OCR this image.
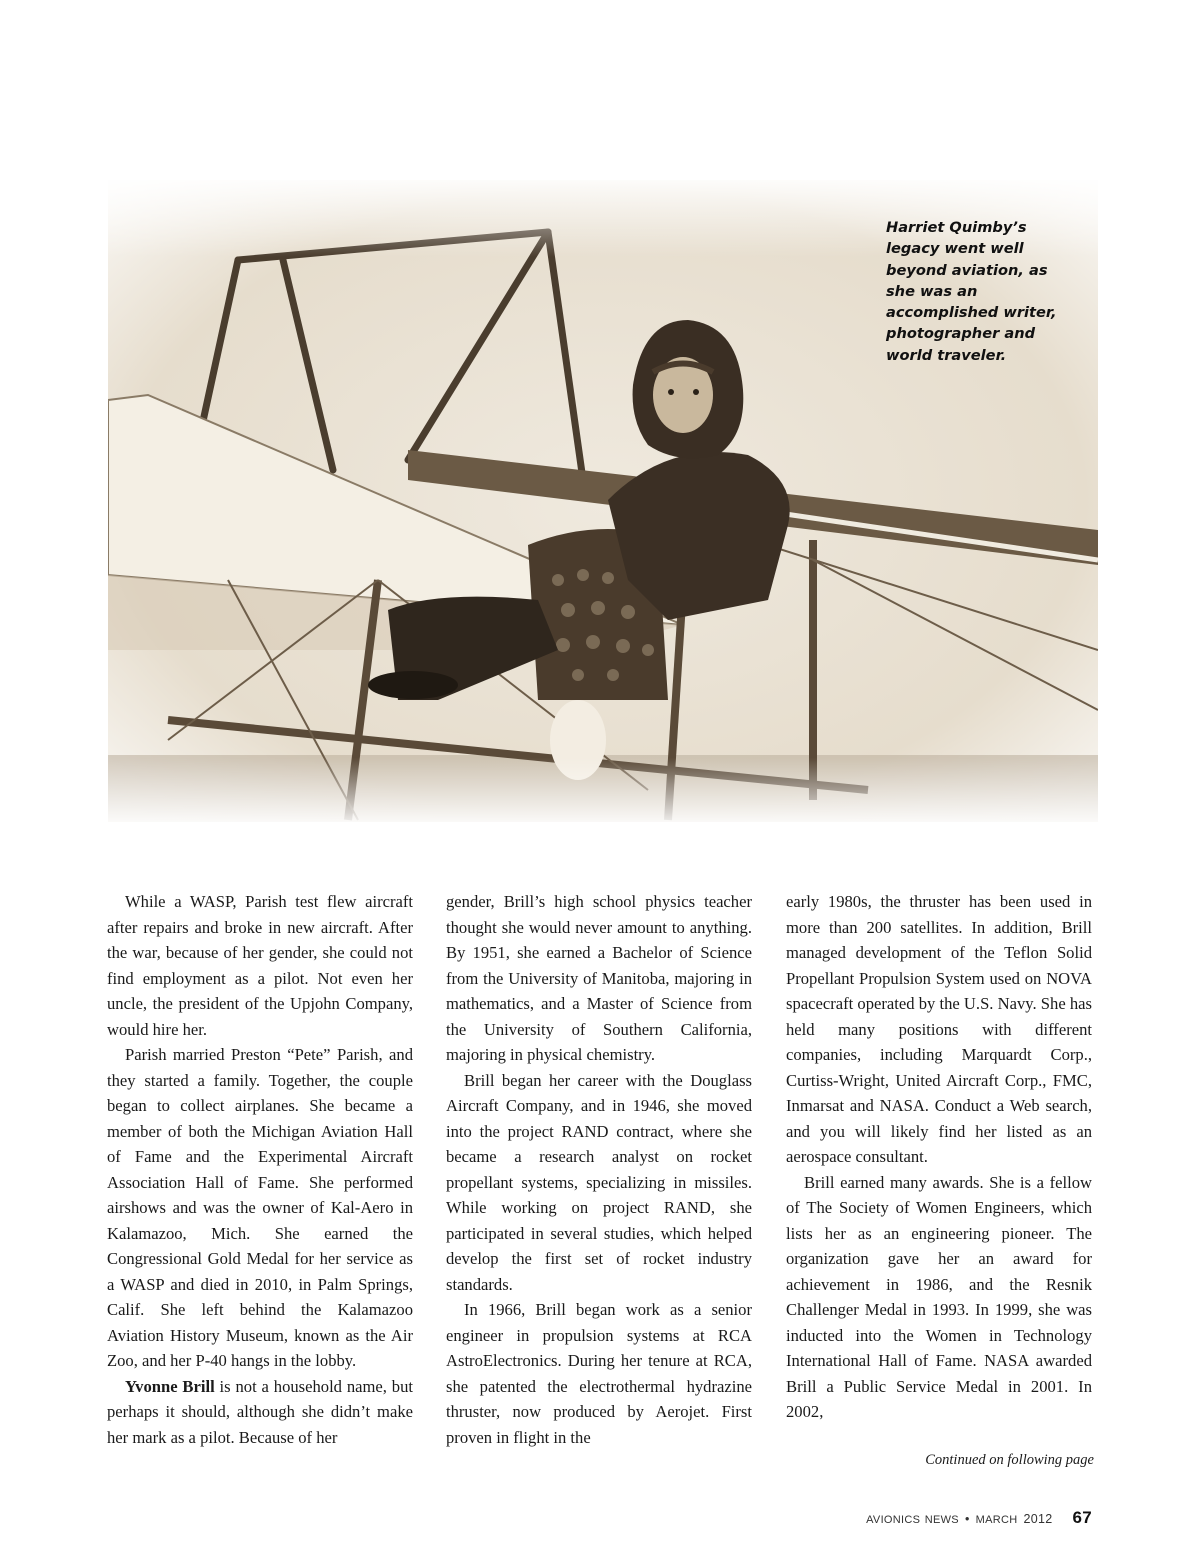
Harriet Quimby’s legacy went well beyond aviation, as she was an accomplished writer, photographer and world traveler.

While a WASP, Parish test flew aircraft after repairs and broke in new aircraft. After the war, because of her gender, she could not find employment as a pilot. Not even her uncle, the president of the Upjohn Company, would hire her.

Parish married Preston “Pete” Parish, and they started a family. Together, the couple began to collect airplanes. She became a member of both the Michigan Aviation Hall of Fame and the Experimental Aircraft Association Hall of Fame. She performed airshows and was the owner of Kal-Aero in Kalamazoo, Mich. She earned the Congressional Gold Medal for her service as a WASP and died in 2010, in Palm Springs, Calif. She left behind the Kalamazoo Aviation History Museum, known as the Air Zoo, and her P-40 hangs in the lobby.

Yvonne Brill is not a household name, but perhaps it should, although she didn’t make her mark as a pilot. Because of her

gender, Brill’s high school physics teacher thought she would never amount to anything. By 1951, she earned a Bachelor of Science from the University of Manitoba, majoring in mathematics, and a Master of Science from the University of Southern California, majoring in physical chemistry.

Brill began her career with the Douglass Aircraft Company, and in 1946, she moved into the project RAND contract, where she became a research analyst on rocket propellant systems, specializing in missiles. While working on project RAND, she participated in several studies, which helped develop the first set of rocket industry standards.

In 1966, Brill began work as a senior engineer in propulsion systems at RCA AstroElectronics. During her tenure at RCA, she patented the electrothermal hydrazine thruster, now produced by Aerojet. First proven in flight in the

early 1980s, the thruster has been used in more than 200 satellites. In addition, Brill managed development of the Teflon Solid Propellant Propulsion System used on NOVA spacecraft operated by the U.S. Navy. She has held many positions with different companies, including Marquardt Corp., Curtiss-Wright, United Aircraft Corp., FMC, Inmarsat and NASA. Conduct a Web search, and you will likely find her listed as an aerospace consultant.

Brill earned many awards. She is a fellow of The Society of Women Engineers, which lists her as an engineering pioneer. The organization gave her an award for achievement in 1986, and the Resnik Challenger Medal in 1993. In 1999, she was inducted into the Women in Technology International Hall of Fame. NASA awarded Brill a Public Service Medal in 2001. In 2002,

Continued on following page
avionics news • march 2012 67
